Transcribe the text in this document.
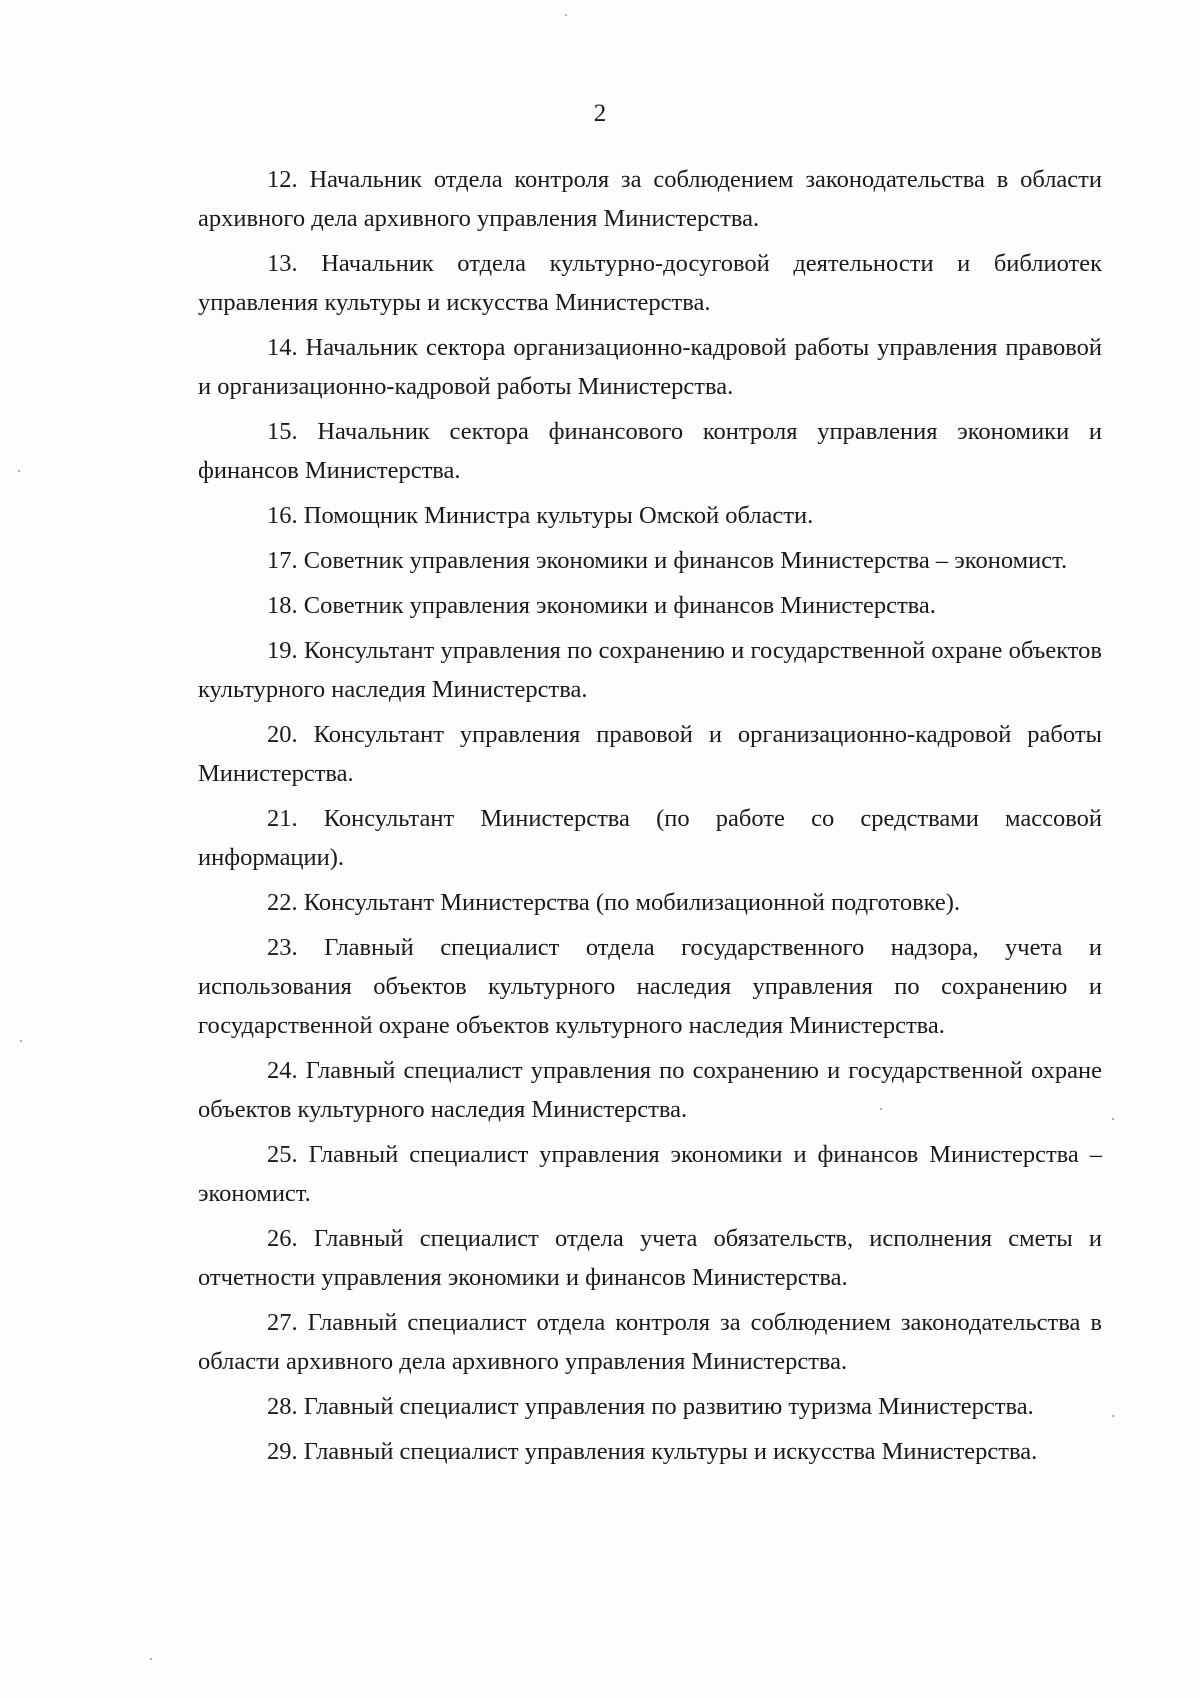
2

12. Начальник отдела контроля за соблюдением законодательства в области архивного дела архивного управления Министерства.

13. Начальник отдела культурно-досуговой деятельности и библиотек управления культуры и искусства Министерства.

14. Начальник сектора организационно-кадровой работы управления правовой и организационно-кадровой работы Министерства.

15. Начальник сектора финансового контроля управления экономики и финансов Министерства.

16. Помощник Министра культуры Омской области.

17. Советник управления экономики и финансов Министерства – экономист.

18. Советник управления экономики и финансов Министерства.

19. Консультант управления по сохранению и государственной охране объектов культурного наследия Министерства.

20. Консультант управления правовой и организационно-кадровой работы Министерства.

21. Консультант Министерства (по работе со средствами массовой информации).

22. Консультант Министерства (по мобилизационной подготовке).

23. Главный специалист отдела государственного надзора, учета и использования объектов культурного наследия управления по сохранению и государственной охране объектов культурного наследия Министерства.

24. Главный специалист управления по сохранению и государственной охране объектов культурного наследия Министерства.

25. Главный специалист управления экономики и финансов Министерства – экономист.

26. Главный специалист отдела учета обязательств, исполнения сметы и отчетности управления экономики и финансов Министерства.

27. Главный специалист отдела контроля за соблюдением законодательства в области архивного дела архивного управления Министерства.

28. Главный специалист управления по развитию туризма Министерства.

29. Главный специалист управления культуры и искусства Министерства.
